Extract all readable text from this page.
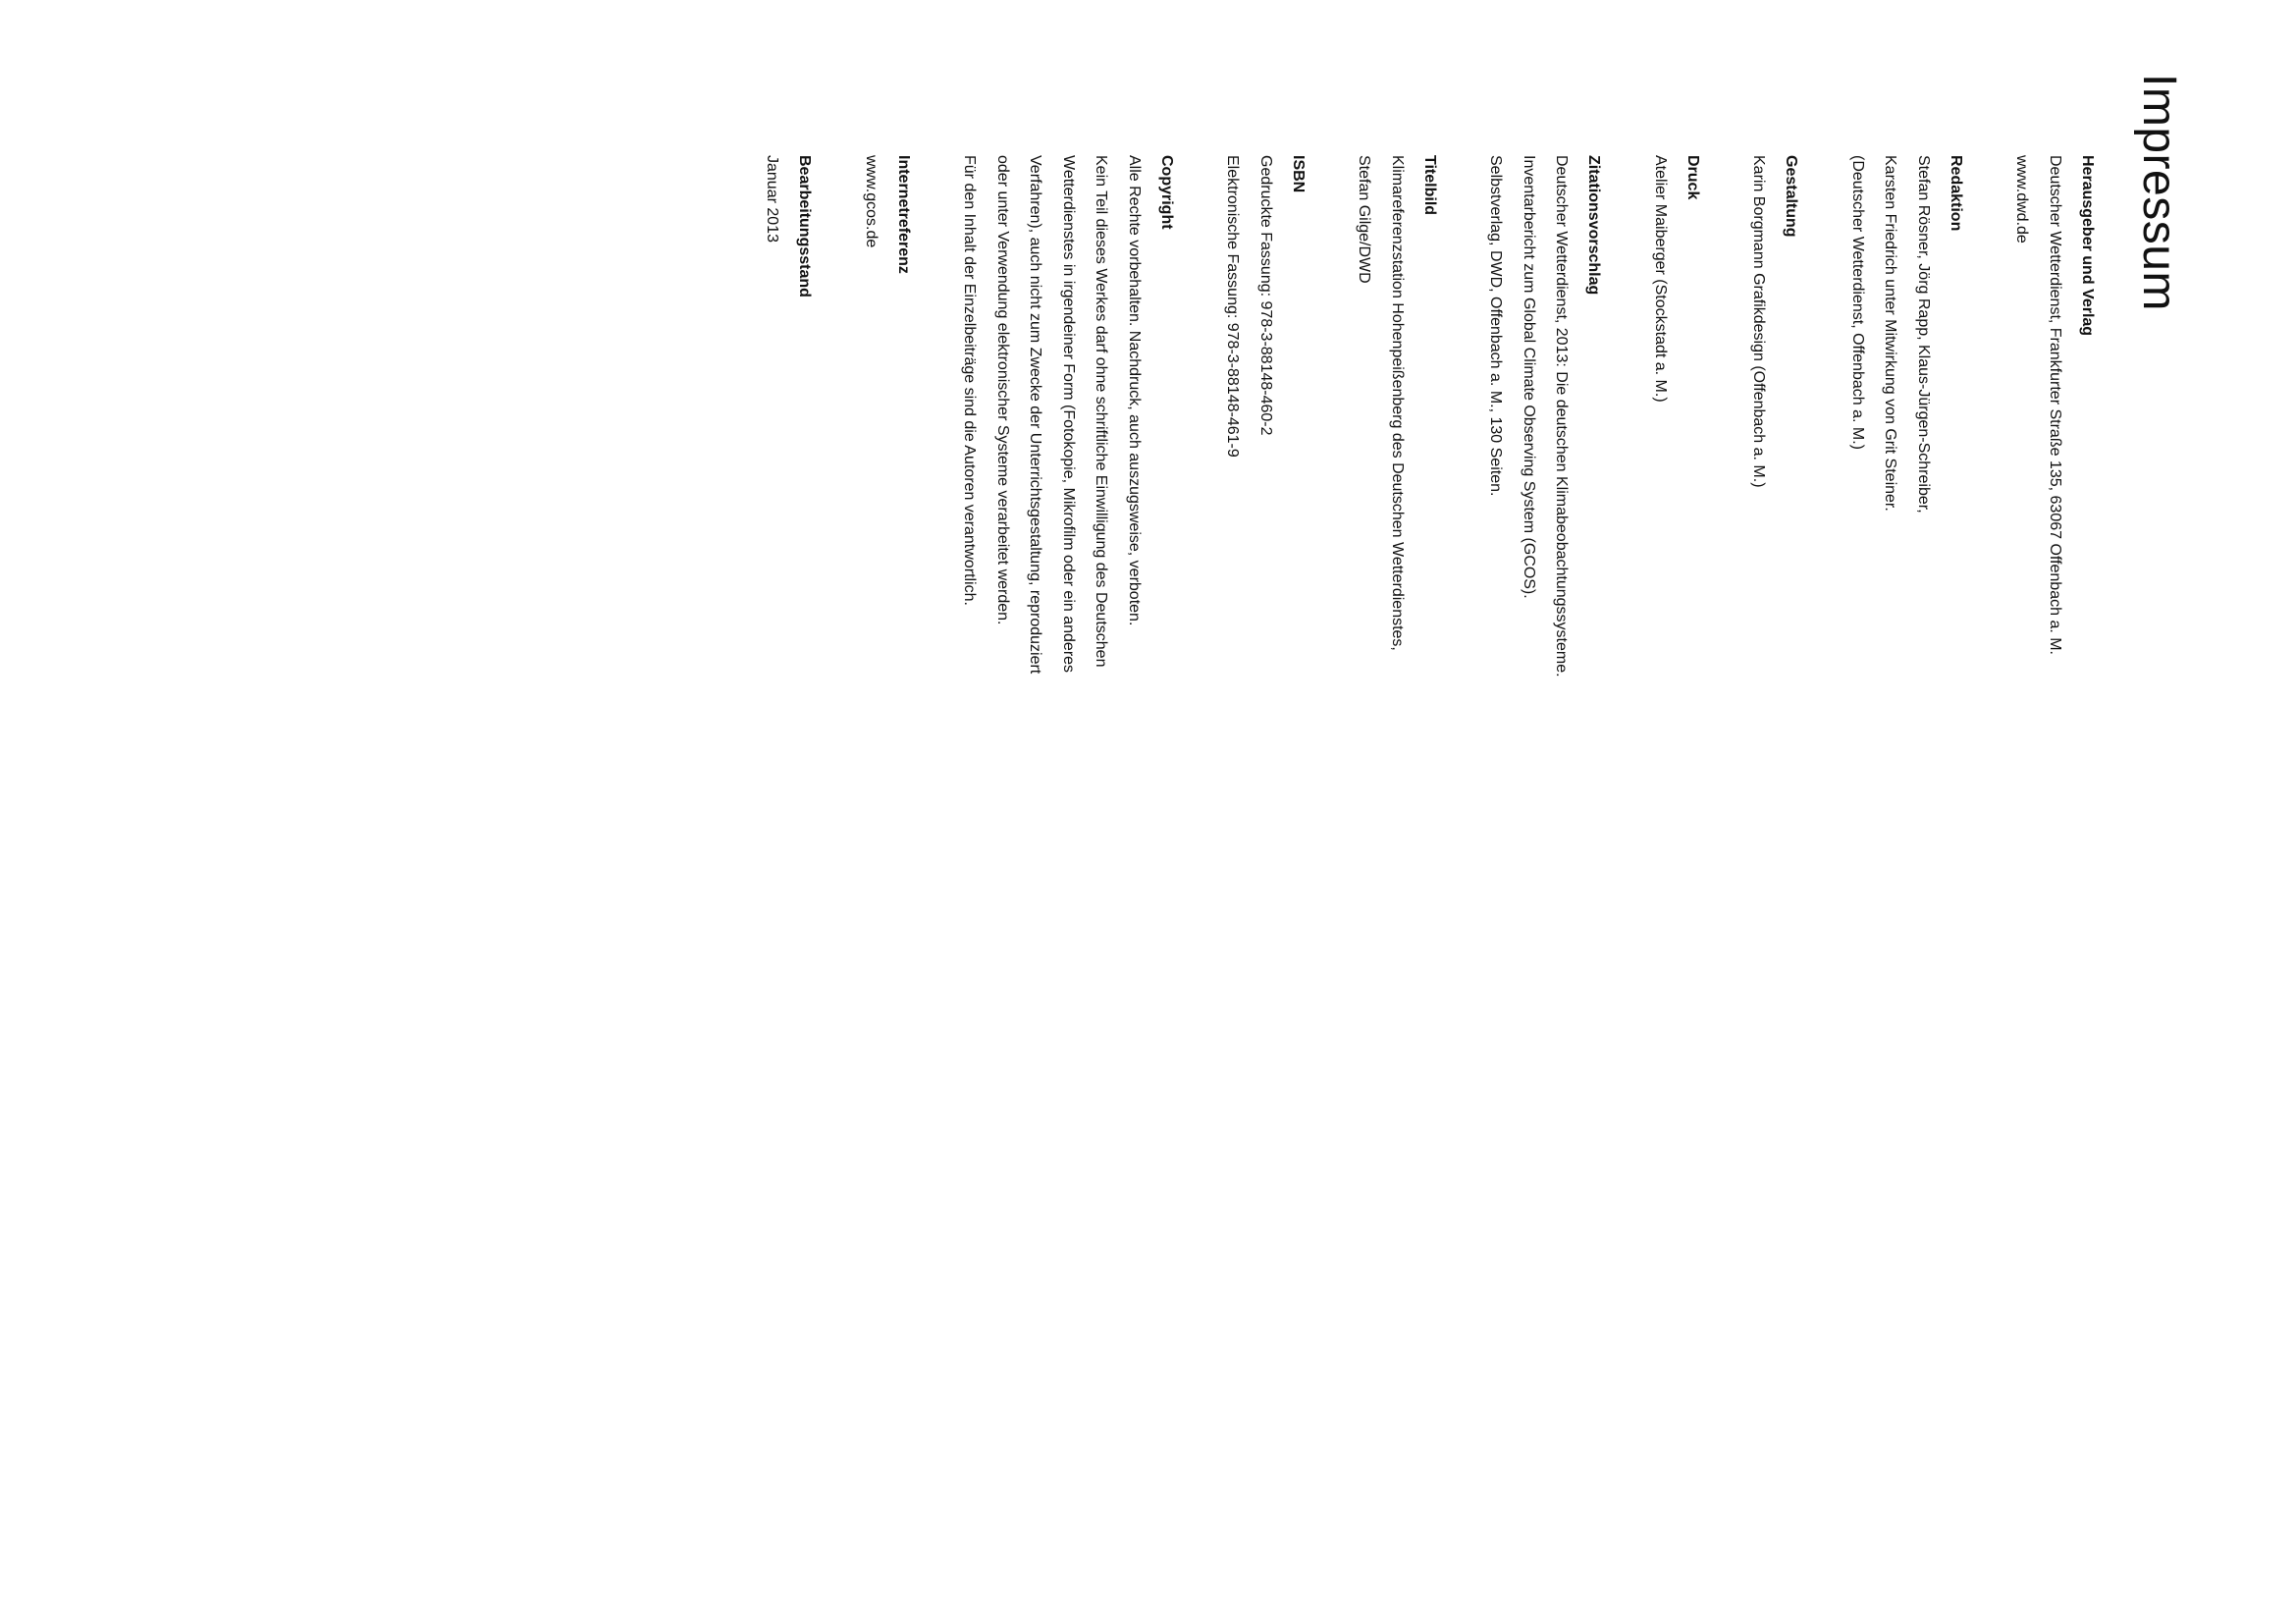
Impressum
Herausgeber und Verlag
Deutscher Wetterdienst, Frankfurter Straße 135, 63067 Offenbach a. M.
www.dwd.de
Redaktion
Stefan Rösner, Jörg Rapp, Klaus-Jürgen-Schreiber,
Karsten Friedrich unter Mitwirkung von Grit Steiner.
(Deutscher Wetterdienst, Offenbach a. M.)
Gestaltung
Karin Borgmann Grafikdesign (Offenbach a. M.)
Druck
Atelier Maiberger (Stockstadt a. M.)
Zitationsvorschlag
Deutscher Wetterdienst, 2013: Die deutschen Klimabeobachtungssysteme.
Inventarbericht zum Global Climate Observing System (GCOS).
Selbstverlag, DWD, Offenbach a. M., 130 Seiten.
Titelbild
Klimareferenzstation Hohenpeißenberg des Deutschen Wetterdienstes,
Stefan Gilge/DWD
ISBN
Gedruckte Fassung: 978-3-88148-460-2
Elektronische Fassung: 978-3-88148-461-9
Copyright
Alle Rechte vorbehalten. Nachdruck, auch auszugsweise, verboten.
Kein Teil dieses Werkes darf ohne schriftliche Einwilligung des Deutschen
Wetterdienstes in irgendeiner Form (Fotokopie, Mikrofilm oder ein anderes
Verfahren), auch nicht zum Zwecke der Unterrichtsgestaltung, reproduziert
oder unter Verwendung elektronischer Systeme verarbeitet werden.
Für den Inhalt der Einzelbeiträge sind die Autoren verantwortlich.
Internetreferenz
www.gcos.de
Bearbeitungsstand
Januar 2013
